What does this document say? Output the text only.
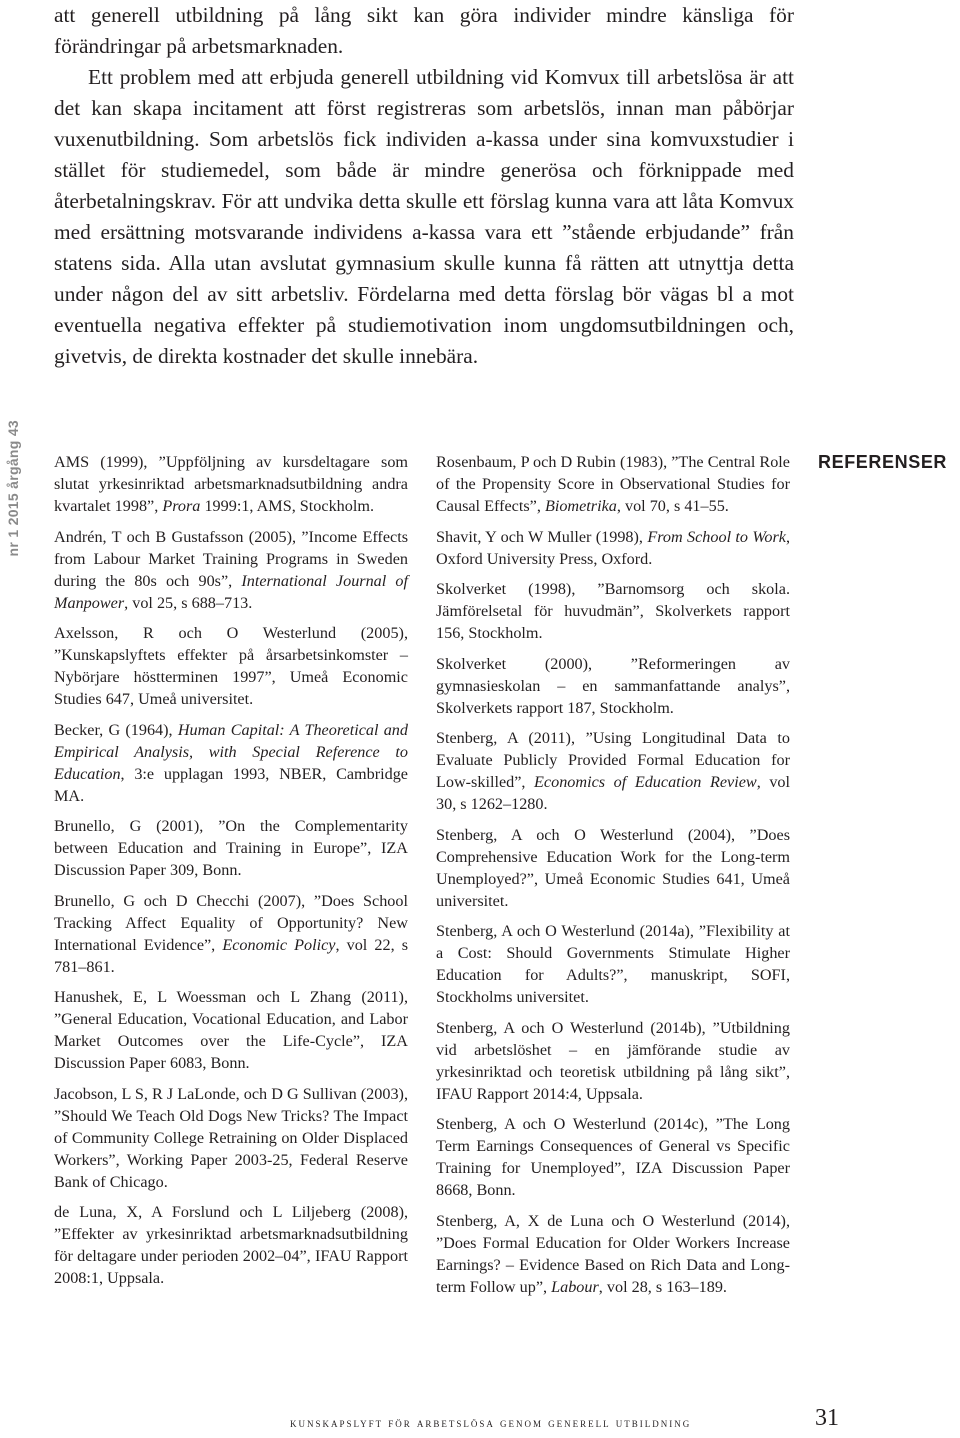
nr 1 2015 årgång 43

att generell utbildning på lång sikt kan göra individer mindre känsliga för förändringar på arbetsmarknaden.

Ett problem med att erbjuda generell utbildning vid Komvux till arbetslösa är att det kan skapa incitament att först registreras som arbetslös, innan man påbörjar vuxenutbildning. Som arbetslös fick individen a-kassa under sina komvuxstudier i stället för studiemedel, som både är mindre generösa och förknippade med återbetalningskrav. För att undvika detta skulle ett förslag kunna vara att låta Komvux med ersättning motsvarande individens a-kassa vara ett ”stående erbjudande” från statens sida. Alla utan avslutat gymnasium skulle kunna få rätten att utnyttja detta under någon del av sitt arbetsliv. Fördelarna med detta förslag bör vägas bl a mot eventuella negativa effekter på studiemotivation inom ungdomsutbildningen och, givetvis, de direkta kostnader det skulle innebära.

AMS (1999), ”Uppföljning av kursdeltagare som slutat yrkesinriktad arbetsmarknadsutbildning andra kvartalet 1998”, Prora 1999:1, AMS, Stockholm.

Andrén, T och B Gustafsson (2005), ”Income Effects from Labour Market Training Programs in Sweden during the 80s och 90s”, International Journal of Manpower, vol 25, s 688–713.

Axelsson, R och O Westerlund (2005), ”Kunskapslyftets effekter på årsarbetsinkomster – Nybörjare höstterminen 1997”, Umeå Economic Studies 647, Umeå universitet.

Becker, G (1964), Human Capital: A Theoretical and Empirical Analysis, with Special Reference to Education, 3:e upplagan 1993, NBER, Cambridge MA.

Brunello, G (2001), ”On the Complementarity between Education and Training in Europe”, IZA Discussion Paper 309, Bonn.

Brunello, G och D Checchi (2007), ”Does School Tracking Affect Equality of Opportunity? New International Evidence”, Economic Policy, vol 22, s 781–861.

Hanushek, E, L Woessman och L Zhang (2011), ”General Education, Vocational Education, and Labor Market Outcomes over the Life-Cycle”, IZA Discussion Paper 6083, Bonn.

Jacobson, L S, R J LaLonde, och D G Sullivan (2003), ”Should We Teach Old Dogs New Tricks? The Impact of Community College Retraining on Older Displaced Workers”, Working Paper 2003-25, Federal Reserve Bank of Chicago.

de Luna, X, A Forslund och L Liljeberg (2008), ”Effekter av yrkesinriktad arbetsmarknadsutbildning för deltagare under perioden 2002–04”, IFAU Rapport 2008:1, Uppsala.

Rosenbaum, P och D Rubin (1983), ”The Central Role of the Propensity Score in Observational Studies for Causal Effects”, Biometrika, vol 70, s 41–55.

Shavit, Y och W Muller (1998), From School to Work, Oxford University Press, Oxford.

Skolverket (1998), ”Barnomsorg och skola. Jämförelsetal för huvudmän”, Skolverkets rapport 156, Stockholm.

Skolverket (2000), ”Reformeringen av gymnasieskolan – en sammanfattande analys”, Skolverkets rapport 187, Stockholm.

Stenberg, A (2011), ”Using Longitudinal Data to Evaluate Publicly Provided Formal Education for Low-skilled”, Economics of Education Review, vol 30, s 1262–1280.

Stenberg, A och O Westerlund (2004), ”Does Comprehensive Education Work for the Long-term Unemployed?”, Umeå Economic Studies 641, Umeå universitet.

Stenberg, A och O Westerlund (2014a), ”Flexibility at a Cost: Should Governments Stimulate Higher Education for Adults?”, manuskript, SOFI, Stockholms universitet.

Stenberg, A och O Westerlund (2014b), ”Utbildning vid arbetslöshet – en jämförande studie av yrkesinriktad och teoretisk utbildning på lång sikt”, IFAU Rapport 2014:4, Uppsala.

Stenberg, A och O Westerlund (2014c), ”The Long Term Earnings Consequences of General vs Specific Training for Unemployed”, IZA Discussion Paper 8668, Bonn.

Stenberg, A, X de Luna och O Westerlund (2014), ”Does Formal Education for Older Workers Increase Earnings? – Evidence Based on Rich Data and Long-term Follow up”, Labour, vol 28, s 163–189.

REFERENSER
kunskapslyft för arbetslösa genom generell utbildning	31
